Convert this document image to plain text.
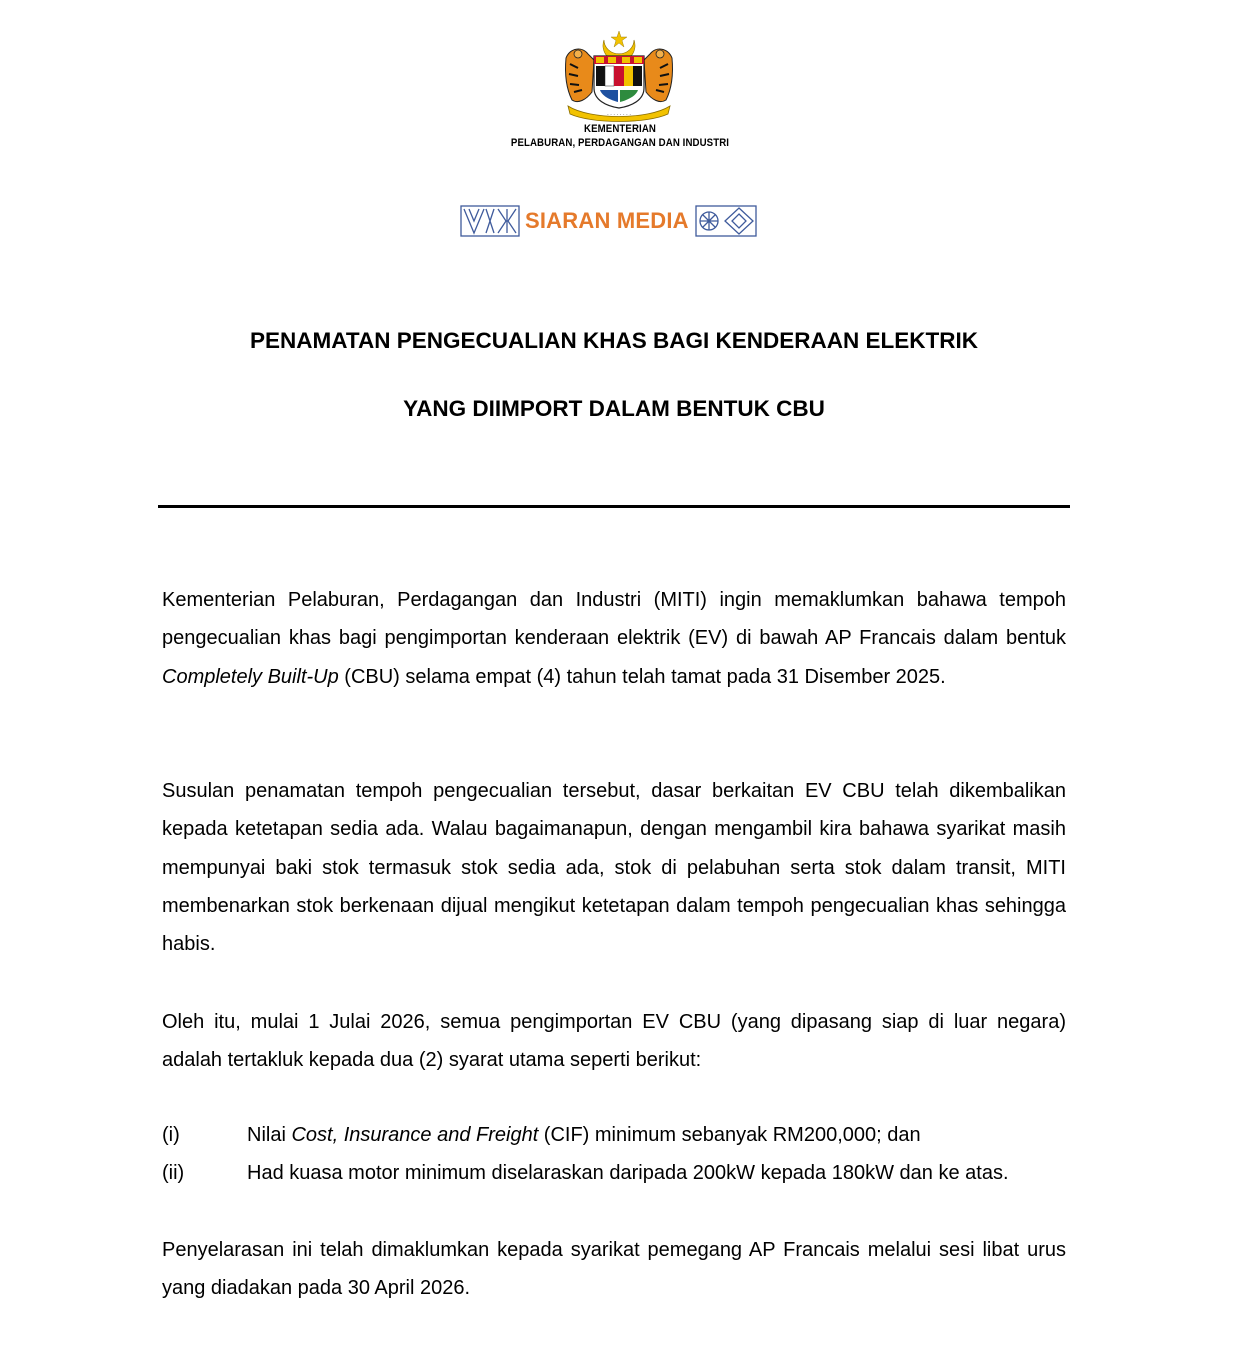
· · · · · · · ·
KEMENTERIAN
PELABURAN, PERDAGANGAN DAN INDUSTRI
SIARAN MEDIA
PENAMATAN PENGECUALIAN KHAS BAGI KENDERAAN ELEKTRIK
YANG DIIMPORT DALAM BENTUK CBU

Kementerian Pelaburan, Perdagangan dan Industri (MITI) ingin memaklumkan bahawa tempoh pengecualian khas bagi pengimportan kenderaan elektrik (EV) di bawah AP Francais dalam bentuk Completely Built-Up (CBU) selama empat (4) tahun telah tamat pada 31 Disember 2025.

Susulan penamatan tempoh pengecualian tersebut, dasar berkaitan EV CBU telah dikembalikan kepada ketetapan sedia ada. Walau bagaimanapun, dengan mengambil kira bahawa syarikat masih mempunyai baki stok termasuk stok sedia ada, stok di pelabuhan serta stok dalam transit, MITI membenarkan stok berkenaan dijual mengikut ketetapan dalam tempoh pengecualian khas sehingga habis.

Oleh itu, mulai 1 Julai 2026, semua pengimportan EV CBU (yang dipasang siap di luar negara) adalah tertakluk kepada dua (2) syarat utama seperti berikut:

(i)	Nilai Cost, Insurance and Freight (CIF) minimum sebanyak RM200,000; dan
(ii)	Had kuasa motor minimum diselaraskan daripada 200kW kepada 180kW dan ke atas.

Penyelarasan ini telah dimaklumkan kepada syarikat pemegang AP Francais melalui sesi libat urus yang diadakan pada 30 April 2026.
